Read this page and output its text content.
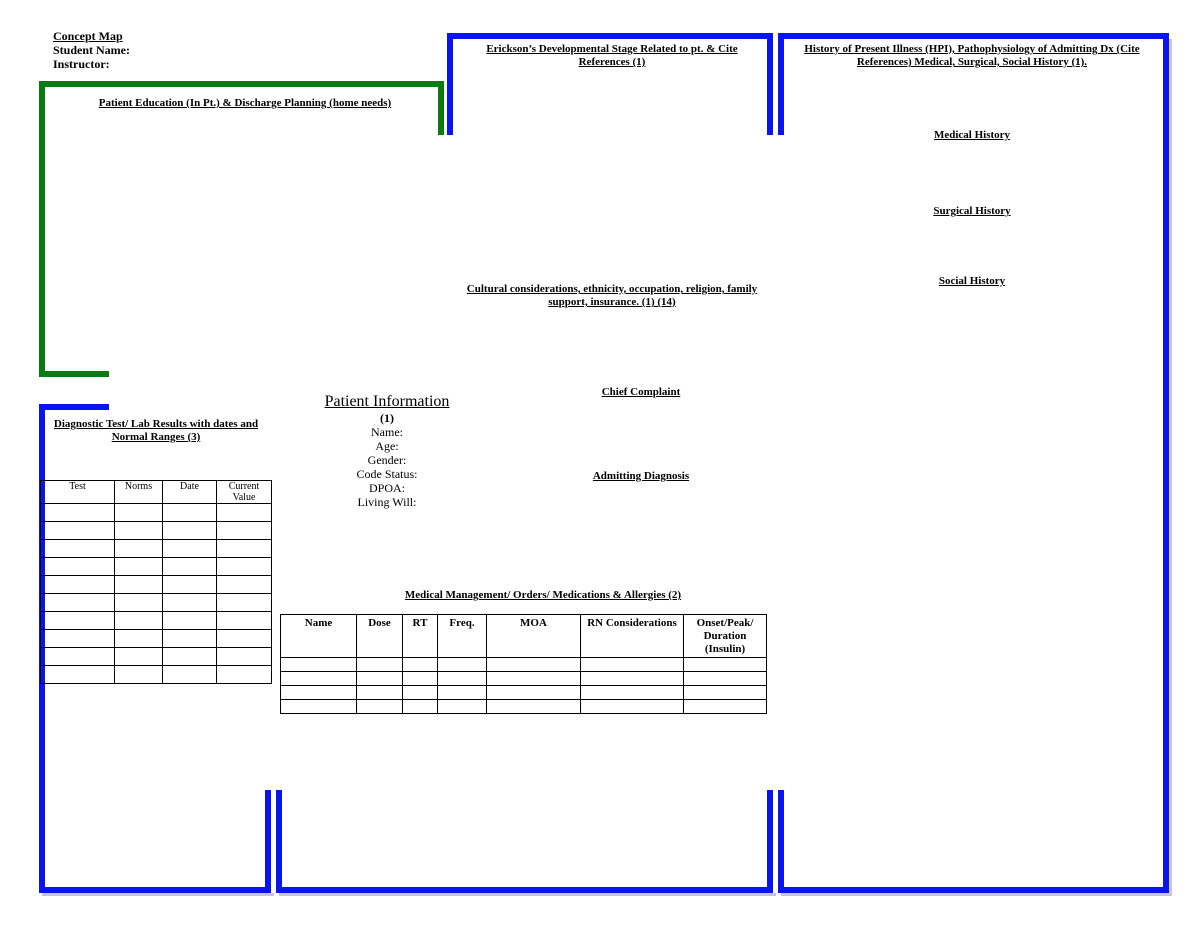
Concept Map
Student Name:
Instructor:
Erickson’s Developmental Stage Related to pt. & Cite References (1)
History of Present Illness (HPI), Pathophysiology of Admitting Dx (Cite References) Medical, Surgical, Social History (1).
Medical History
Surgical History
Social History
Patient Education (In Pt.) & Discharge Planning (home needs)
Cultural considerations, ethnicity, occupation, religion, family support, insurance. (1) (14)
Chief Complaint
Admitting Diagnosis
Diagnostic Test/ Lab Results with dates and Normal Ranges (3)
Medical Management/ Orders/ Medications & Allergies (2)
Patient Information
(1)
Name:
Age:
Gender:
Code Status:
DPOA:
Living Will:
Test	Norms	Date	Current Value

Name	Dose	RT	Freq.	MOA	RN Considerations	Onset/Peak/ Duration (Insulin)
